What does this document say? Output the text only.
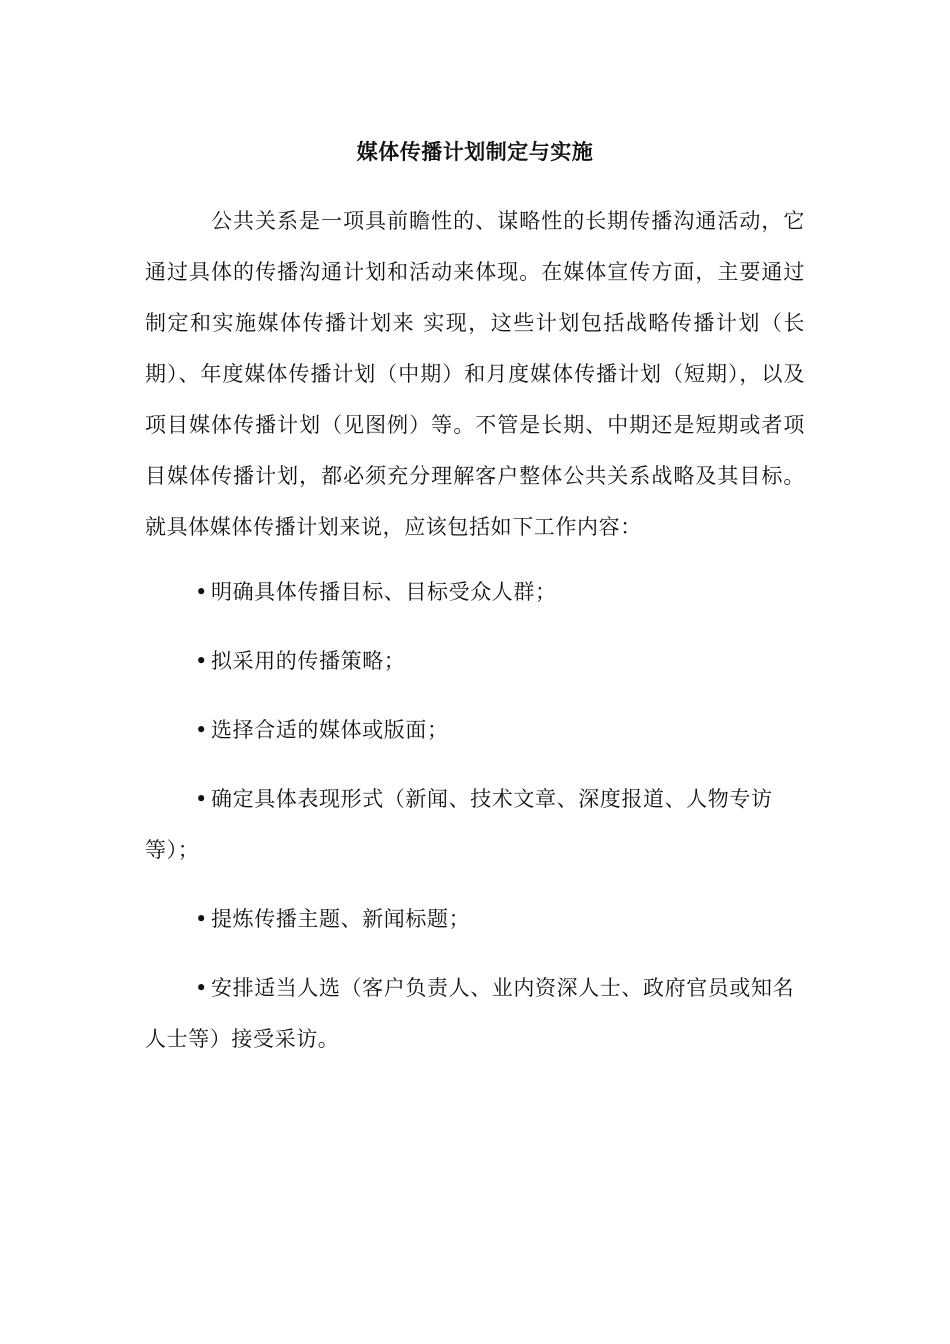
媒体传播计划制定与实施

公共关系是一项具前瞻性的、谋略性的长期传播沟通活动，它通过具体的传播沟通计划和活动来体现。在媒体宣传方面，主要通过制定和实施媒体传播计划来 实现，这些计划包括战略传播计划（长期）、年度媒体传播计划（中期）和月度媒体传播计划（短期），以及项目媒体传播计划（见图例）等。不管是长期、中期还是短期或者项目媒体传播计划，都必须充分理解客户整体公共关系战略及其目标。就具体媒体传播计划来说，应该包括如下工作内容：

• 明确具体传播目标、目标受众人群；
• 拟采用的传播策略；
• 选择合适的媒体或版面；
• 确定具体表现形式（新闻、技术文章、深度报道、人物专访等）；
• 提炼传播主题、新闻标题；
• 安排适当人选（客户负责人、业内资深人士、政府官员或知名人士等）接受采访。
